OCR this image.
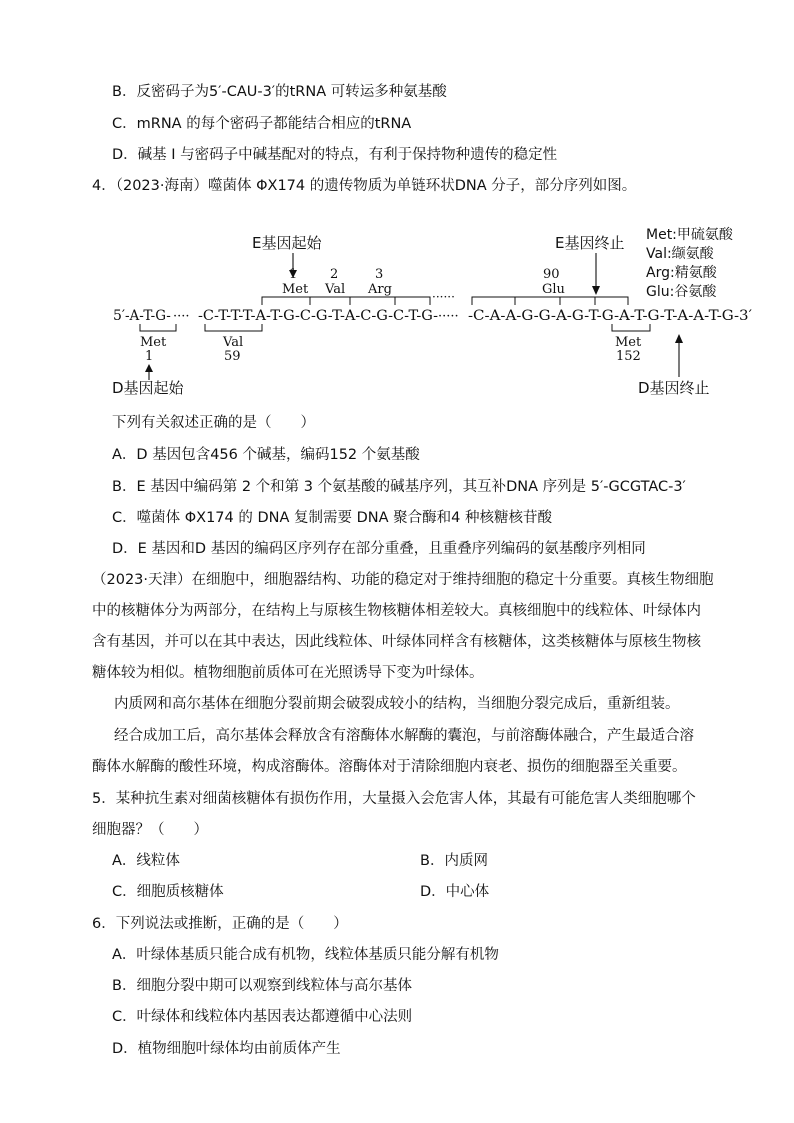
B．反密码子为5′-CAU-3′的tRNA 可转运多种氨基酸
C．mRNA 的每个密码子都能结合相应的tRNA
D．碱基 I 与密码子中碱基配对的特点，有利于保持物种遗传的稳定性
4．（2023·海南）噬菌体 ΦX174 的遗传物质为单链环状DNA 分子，部分序列如图。
E基因起始	E基因终止 Met:甲硫氨酸
Val:缬氨酸
Arg:精氨酸
Glu:谷氨酸
1	2	3	90
Met Val Arg	Glu
······
5′ -A-T-G- ···· -C-T-T-T-A-T-G-C-G-T-A-C-G-C-T-G- ····· -C-A-A-G-G-A-G-T-G-A-T-G-T-A-A-T-G-3′
Met	Val	Met
1	59	152
D基因起始	D基因终止
下列有关叙述正确的是（　　）
A．D 基因包含456 个碱基，编码152 个氨基酸
B．E 基因中编码第 2 个和第 3 个氨基酸的碱基序列，其互补DNA 序列是 5′-GCGTAC-3′
C．噬菌体 ΦX174 的 DNA 复制需要 DNA 聚合酶和4 种核糖核苷酸
D．E 基因和D 基因的编码区序列存在部分重叠，且重叠序列编码的氨基酸序列相同
（2023·天津）在细胞中，细胞器结构、功能的稳定对于维持细胞的稳定十分重要。真核生物细胞
中的核糖体分为两部分，在结构上与原核生物核糖体相差较大。真核细胞中的线粒体、叶绿体内
含有基因，并可以在其中表达，因此线粒体、叶绿体同样含有核糖体，这类核糖体与原核生物核
糖体较为相似。植物细胞前质体可在光照诱导下变为叶绿体。
内质网和高尔基体在细胞分裂前期会破裂成较小的结构，当细胞分裂完成后，重新组装。
经合成加工后，高尔基体会释放含有溶酶体水解酶的囊泡，与前溶酶体融合，产生最适合溶
酶体水解酶的酸性环境，构成溶酶体。溶酶体对于清除细胞内衰老、损伤的细胞器至关重要。
5．某种抗生素对细菌核糖体有损伤作用，大量摄入会危害人体，其最有可能危害人类细胞哪个
细胞器？（　　）
A．线粒体	B．内质网
C．细胞质核糖体	D．中心体
6．下列说法或推断，正确的是（　　）
A．叶绿体基质只能合成有机物，线粒体基质只能分解有机物
B．细胞分裂中期可以观察到线粒体与高尔基体
C．叶绿体和线粒体内基因表达都遵循中心法则
D．植物细胞叶绿体均由前质体产生
